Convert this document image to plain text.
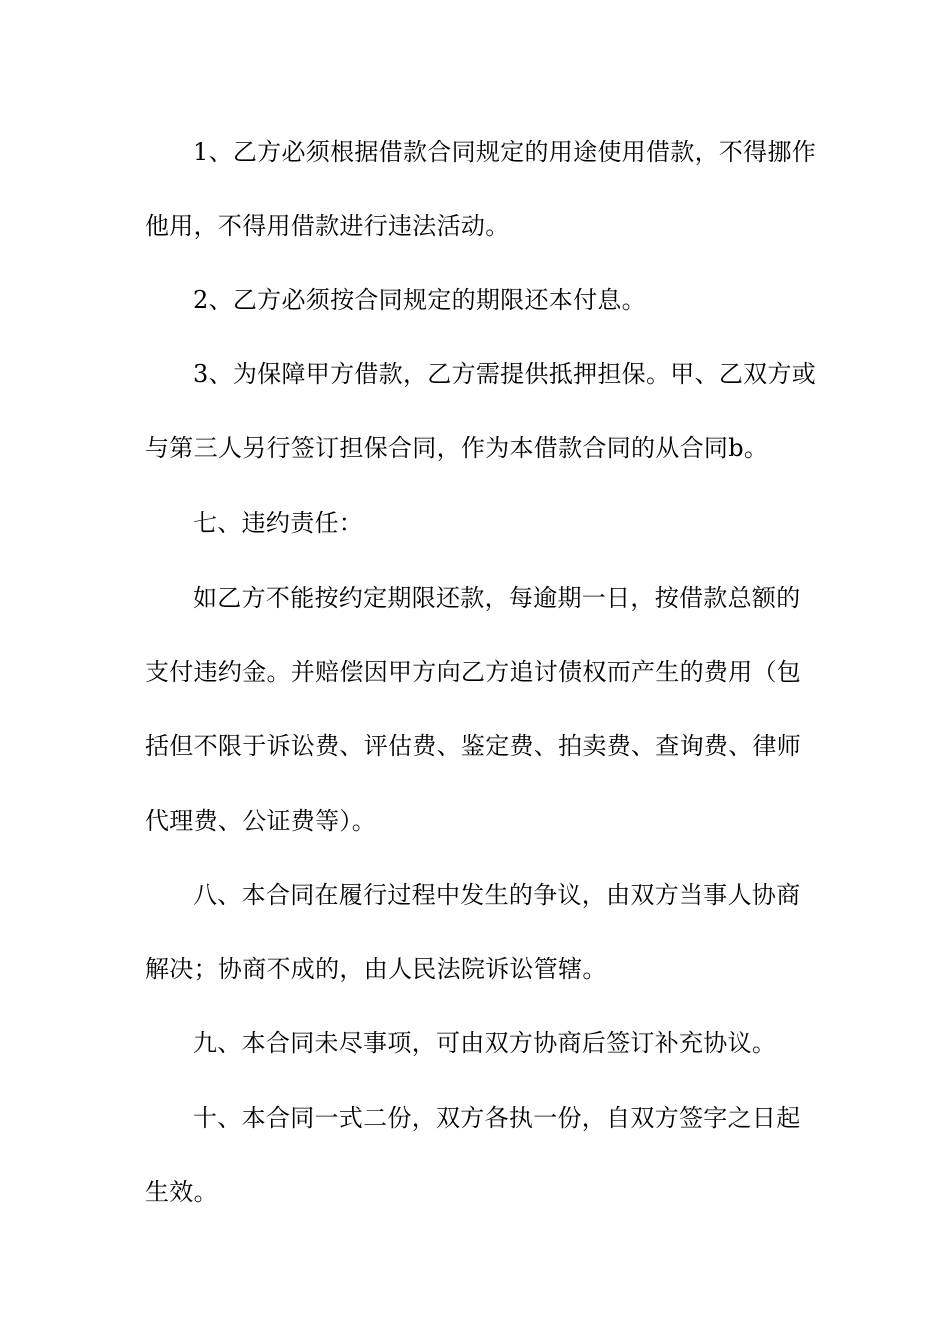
1、乙方必须根据借款合同规定的用途使用借款，不得挪作
他用，不得用借款进行违法活动。
2、乙方必须按合同规定的期限还本付息。
3、为保障甲方借款，乙方需提供抵押担保。甲、乙双方或
与第三人另行签订担保合同，作为本借款合同的从合同b。
七、违约责任：
如乙方不能按约定期限还款，每逾期一日，按借款总额的
支付违约金。并赔偿因甲方向乙方追讨债权而产生的费用（包
括但不限于诉讼费、评估费、鉴定费、拍卖费、查询费、律师
代理费、公证费等）。
八、本合同在履行过程中发生的争议，由双方当事人协商
解决；协商不成的，由人民法院诉讼管辖。
九、本合同未尽事项，可由双方协商后签订补充协议。
十、本合同一式二份，双方各执一份，自双方签字之日起
生效。
